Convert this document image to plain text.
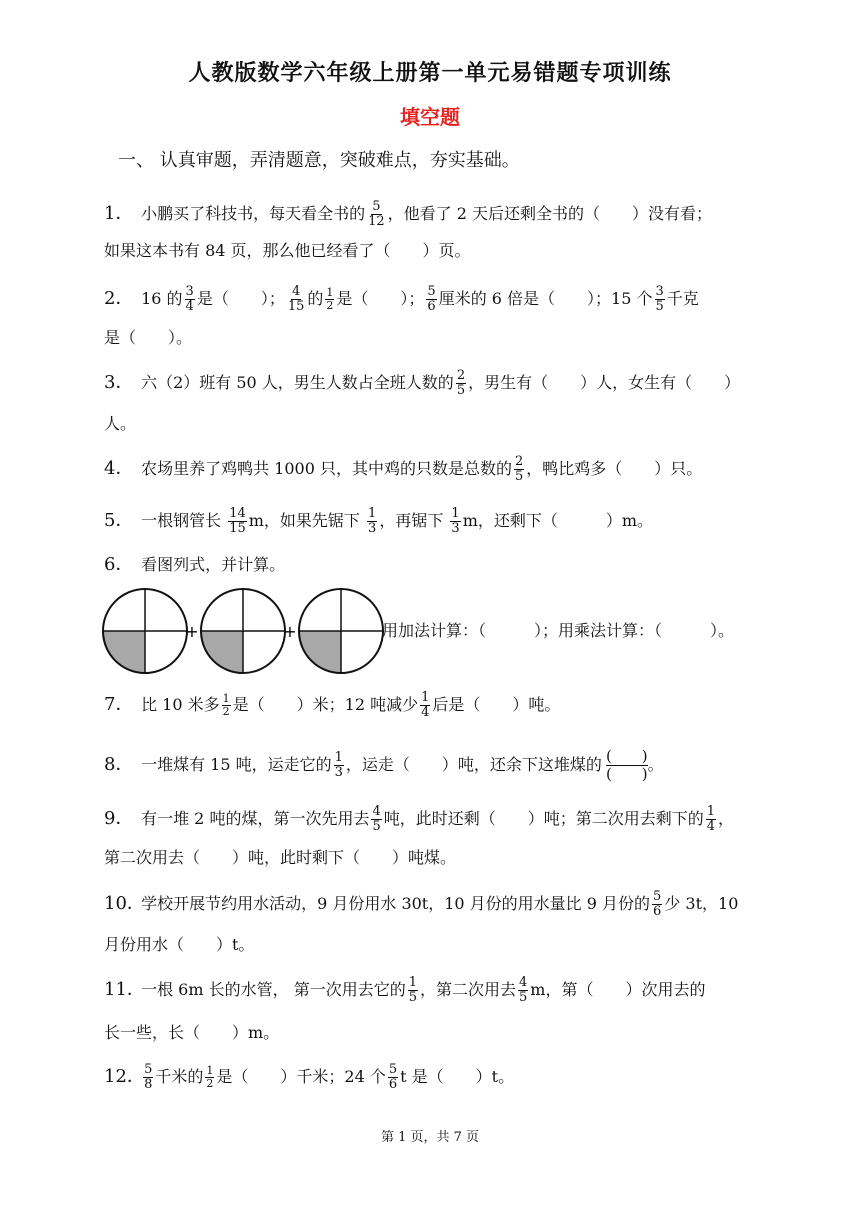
人教版数学六年级上册第一单元易错题专项训练
填空题
一、 认真审题，弄清题意，突破难点，夯实基础。
1． 小鹏买了科技书，每天看全书的 $\frac{5}{12}$ ，他看了 2 天后还剩全书的（　　）没有看；
如果这本书有 84 页，那么他已经看了（　　）页。
2． 16 的 $\frac{3}{4}$ 是（　　）； $\frac{4}{15}$ 的 $\frac{1}{2}$ 是（　　）； $\frac{5}{6}$ 厘米的 6 倍是（　　）；15 个 $\frac{3}{5}$ 千克
是（　　）。
3． 六（2）班有 50 人，男生人数占全班人数的 $\frac{2}{5}$ ，男生有（　　）人，女生有（　　）
人。
4． 农场里养了鸡鸭共 1000 只，其中鸡的只数是总数的 $\frac{2}{5}$ ，鸭比鸡多（　　）只。
5． 一根钢管长 $\frac{14}{15}$ m，如果先锯下 $\frac{1}{3}$ ，再锯下 $\frac{1}{3}$ m，还剩下（　　　）m。
6． 看图列式，并计算。
+	+	用加法计算：（　　　）；用乘法计算：（　　　）。
7． 比 10 米多 $\frac{1}{2}$ 是（　　）米；12 吨减少 $\frac{1}{4}$ 后是（　　）吨。
8． 一堆煤有 15 吨，运走它的 $\frac{1}{3}$ ，运走（　　）吨，还余下这堆煤的 $\frac{( )}{( )}$ 。
9． 有一堆 2 吨的煤，第一次先用去 $\frac{4}{5}$ 吨，此时还剩（　　）吨；第二次用去剩下的 $\frac{1}{4}$ ，
第二次用去（　　）吨，此时剩下（　　）吨煤。
10． 学校开展节约用水活动，9 月份用水 30t，10 月份的用水量比 9 月份的 $\frac{5}{6}$ 少 3t，10
月份用水（　　）t。
11． 一根 6m 长的水管， 第一次用去它的 $\frac{1}{5}$ ，第二次用去 $\frac{4}{5}$ m，第（　　）次用去的
长一些，长（　　）m。
12．
$\frac{5}{8}$ 千米的 $\frac{1}{2}$ 是（　　）千米；24 个 $\frac{5}{6}$ t 是（　　）t。
第 1 页，共 7 页
